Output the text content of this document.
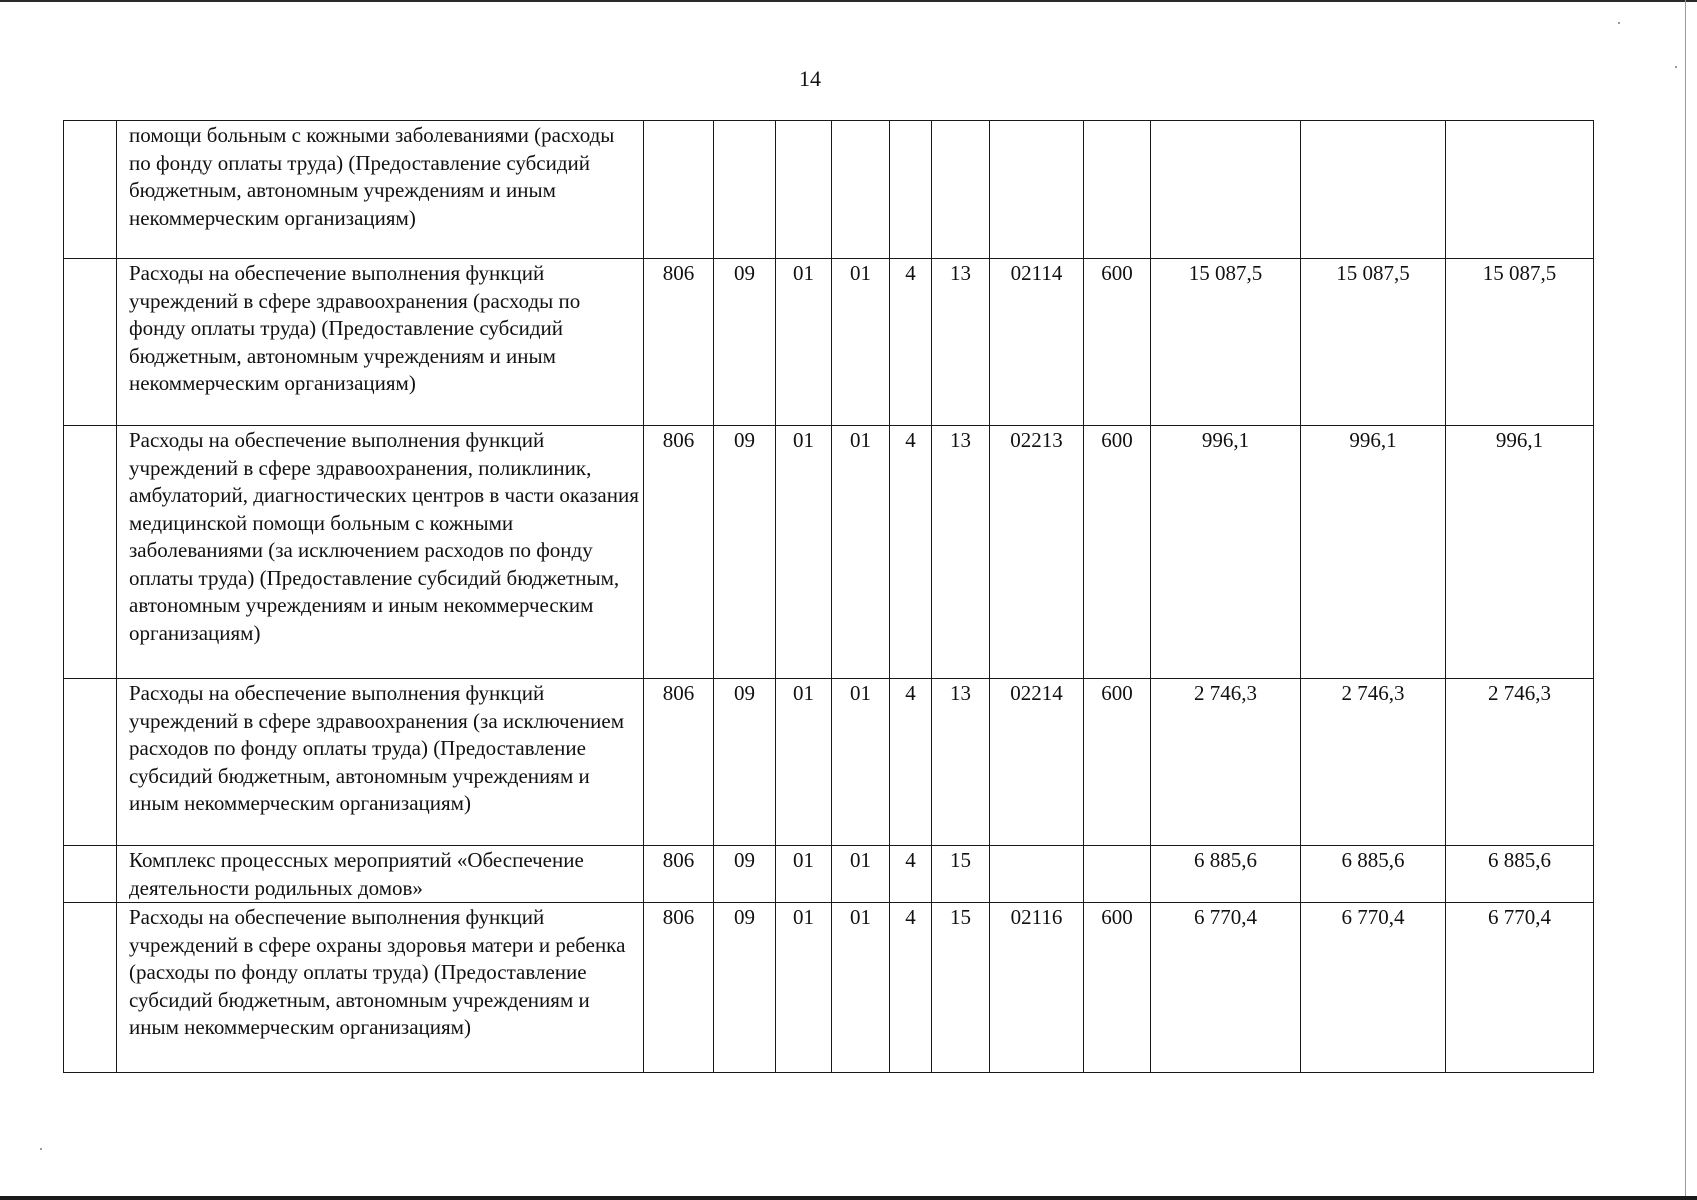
14
	помощи больным с кожными заболеваниями (расходы по фонду оплаты труда) (Предоставление субсидий бюджетным, автономным учреждениям и иным некоммерческим организациям)											
	Расходы на обеспечение выполнения функций учреждений в сфере здравоохранения (расходы по фонду оплаты труда) (Предоставление субсидий бюджетным, автономным учреждениям и иным некоммерческим организациям)	806	09	01	01	4	13	02114	600	15 087,5	15 087,5	15 087,5
	Расходы на обеспечение выполнения функций учреждений в сфере здравоохранения, поликлиник, амбулаторий, диагностических центров в части оказания медицинской помощи больным с кожными заболеваниями (за исключением расходов по фонду оплаты труда) (Предоставление субсидий бюджетным, автономным учреждениям и иным некоммерческим организациям)	806	09	01	01	4	13	02213	600	996,1	996,1	996,1
	Расходы на обеспечение выполнения функций учреждений в сфере здравоохранения (за исключением расходов по фонду оплаты труда) (Предоставление субсидий бюджетным, автономным учреждениям и иным некоммерческим организациям)	806	09	01	01	4	13	02214	600	2 746,3	2 746,3	2 746,3
	Комплекс процессных мероприятий «Обеспечение деятельности родильных домов»	806	09	01	01	4	15			6 885,6	6 885,6	6 885,6
	Расходы на обеспечение выполнения функций учреждений в сфере охраны здоровья матери и ребенка (расходы по фонду оплаты труда) (Предоставление субсидий бюджетным, автономным учреждениям и иным некоммерческим организациям)	806	09	01	01	4	15	02116	600	6 770,4	6 770,4	6 770,4
